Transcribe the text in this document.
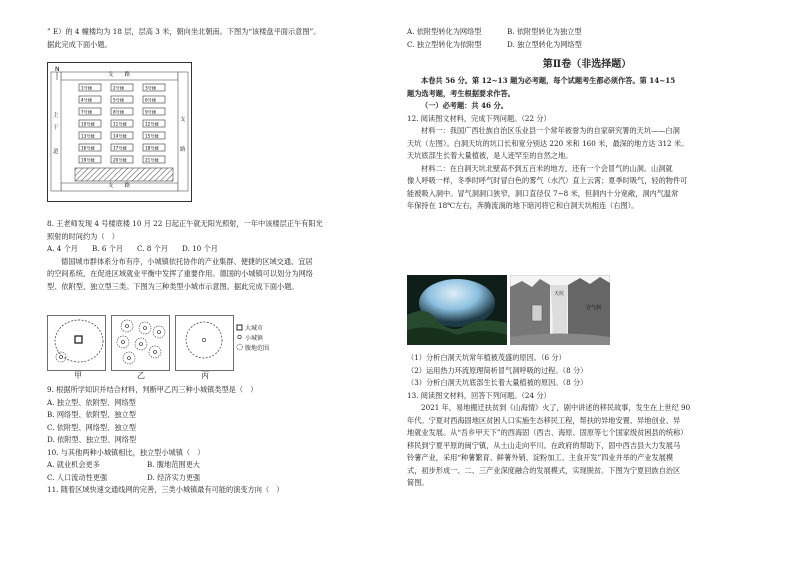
” E）的 4 幢楼均为 18 层，层高 3 米，朝向坐北朝南。下图为“该楼盘平面示意图”。

据此完成下面小题。

N
1号楼	2号楼	3号楼
4号楼	5号楼	6号楼
7号楼	8号楼	9号楼
10号楼	11号楼	12号楼
13号楼	14号楼	15号楼
16号楼	17号楼	18号楼
19号楼	20号楼	21号楼
支　　路
支　　路
主
干

道
支
路

8. 王老师发现 4 号楼底楼 10 月 22 日起正午就无阳光照射，一年中该楼层正午有阳光

照射的时间约为（　）

A. 4 个月	B. 6 个月	C. 8 个月	D. 10 个月

德国城市群体系分布有序，小城镇依托协作的产业集群、便捷的区域交通、宜居

的空间系统，在促进区域就业平衡中发挥了重要作用。德国的小城镇可以划分为网络

型、依附型、独立型三类。下图为三种类型小城市示意图。据此完成下面小题。

大城市
小城镇
腹地范围
甲	乙	丙

9. 根据所学知识并结合材料，判断甲乙丙三种小城镇类型是（　）

A. 独立型、依附型、网络型

B. 网络型、依附型、独立型

C. 依附型、网络型、独立型

D. 依附型、独立型、网络型

10. 与其他两种小城镇相比，独立型小城镇（　）

A. 就业机会更多	B. 腹地范围更大
C. 人口流动性更强	D. 经济实力更强

11. 随着区域快速交通线网的完善，三类小城镇最有可能的演变方向（　）

A. 依附型转化为网络型	B. 依附型转化为独立型
C. 独立型转化为依附型	D. 独立型转化为网络型
第Ⅱ卷（非选择题）

本卷共 56 分。第 12~13 题为必考题，每个试题考生都必须作答。第 14~15

题为选考题，考生根据要求作答。

（一）必考题：共 46 分。

12. 阅读图文材料，完成下列问题。（22 分）

材料一：我国广西壮族自治区乐业县一个常年被誉为的自家研究署的天坑——白洞

天坑（左图）。白洞天坑的坑口长和宽分别达 220 米和 160 米，最深的地方达 312 米。

天坑底部生长着大量植被，是人迹罕至的自然之地。

材料二：在白洞天坑北壁高不到五百米的地方，还有一个会冒气的山洞。山洞就

像人呼吸一样，冬季时呼气时冒白色的雾气（水汽）直上云霄；夏季时吸气，轻的物件可

能被吸入洞中。冒气洞洞口狭窄，洞口直径仅 7~8 米，但洞内十分宽敞，洞内气温常

年保持在 18℃左右，奔腾流淌的地下暗河将它和白洞天坑相连（右图）。

冒气洞
天坑

（1）分析白洞天坑常年植被茂盛的原因。（6 分）

（2）运用热力环流原理简析冒气洞呼吸的过程。（8 分）

（3）分析白洞天坑底部生长着大量植被的原因。（8 分）

13. 阅读图文材料，回答下列问题。（24 分）

2021 年，易地搬迁扶贫到《山海情》火了，剧中讲述的移民故事，发生在上世纪 90

年代。宁夏对西海固地区贫困人口实施生态移民工程，帮扶的异地安置、异地创业、异

地就业发展。从“吾乡甲天下”的西海固（西吉、海原、固原等七个国家级贫困县的统称）

移民到宁夏平原的闽宁镇，从土山走向平川。在政府的帮助下，固中西吉县大力发展马

铃薯产业，采用“种薯繁育、鲜薯外销、淀粉加工、主食开发”四业并举的产业发展模

式，初步形成一、二、三产业深度融合的发展模式，实现脱贫。下图为宁夏回族自治区

简图。
